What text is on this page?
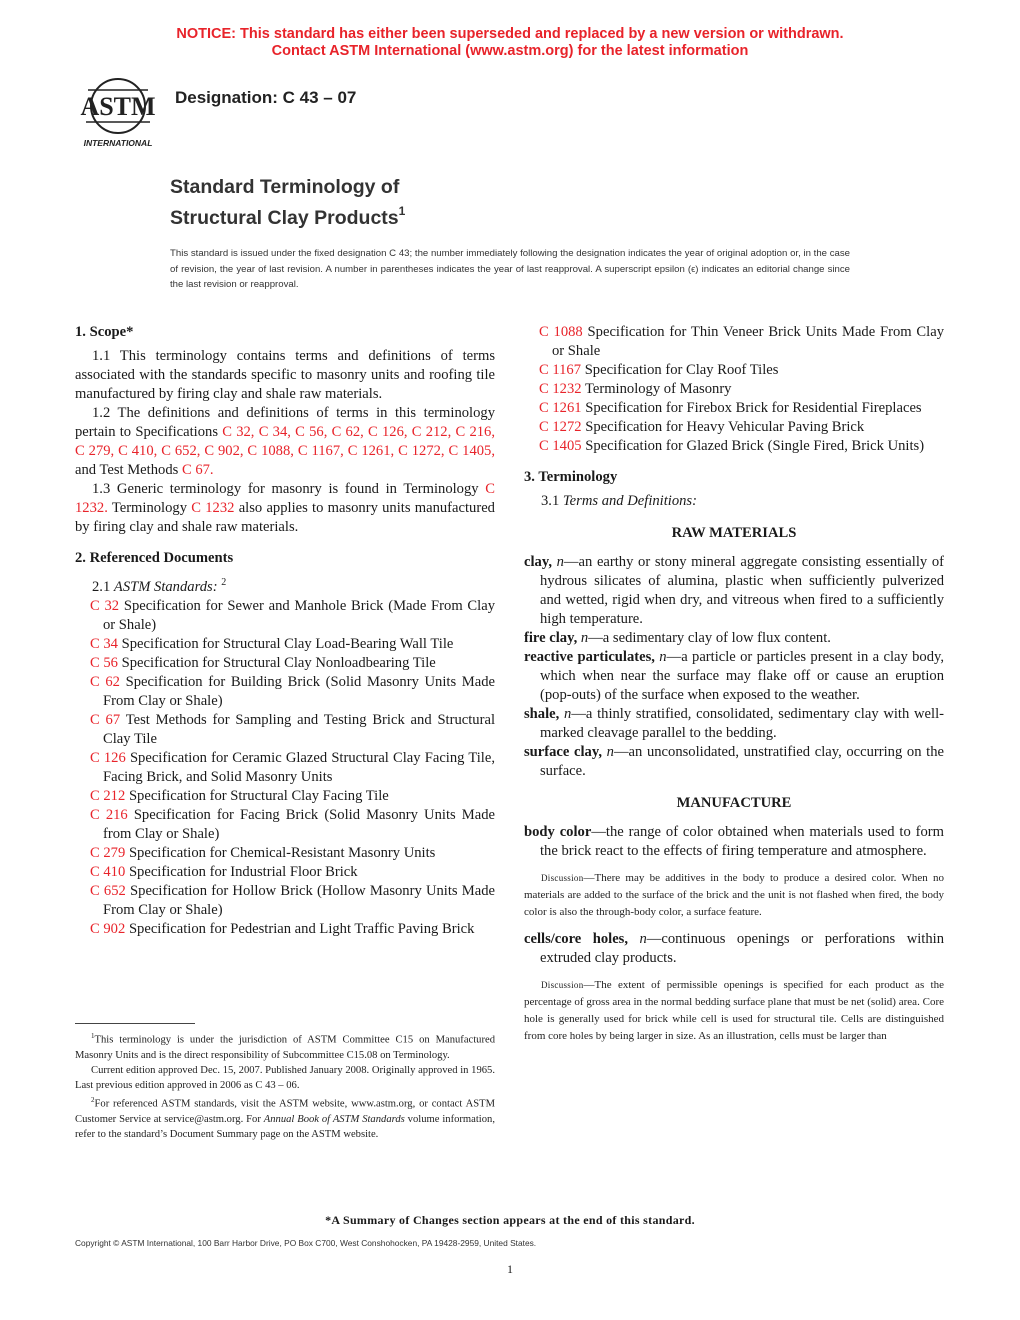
NOTICE: This standard has either been superseded and replaced by a new version or withdrawn.
Contact ASTM International (www.astm.org) for the latest information
ASTM
INTERNATIONAL
Designation: C 43 – 07
Standard Terminology of
Structural Clay Products$^1$
This standard is issued under the fixed designation C 43; the number immediately following the designation indicates the year of original adoption or, in the case of revision, the year of last revision. A number in parentheses indicates the year of last reapproval. A superscript epsilon (ϵ) indicates an editorial change since the last revision or reapproval.

1. Scope*

1.1 This terminology contains terms and definitions of terms associated with the standards specific to masonry units and roofing tile manufactured by firing clay and shale raw materials.

1.2 The definitions and definitions of terms in this terminology pertain to Specifications C 32, C 34, C 56, C 62, C 126, C 212, C 216, C 279, C 410, C 652, C 902, C 1088, C 1167, C 1261, C 1272, C 1405, and Test Methods C 67.

1.3 Generic terminology for masonry is found in Terminology C 1232. Terminology C 1232 also applies to masonry units manufactured by firing clay and shale raw materials.

2. Referenced Documents

2.1 ASTM Standards: $^2$

C 32 Specification for Sewer and Manhole Brick (Made From Clay or Shale)

C 34 Specification for Structural Clay Load-Bearing Wall Tile

C 56 Specification for Structural Clay Nonloadbearing Tile

C 62 Specification for Building Brick (Solid Masonry Units Made From Clay or Shale)

C 67 Test Methods for Sampling and Testing Brick and Structural Clay Tile

C 126 Specification for Ceramic Glazed Structural Clay Facing Tile, Facing Brick, and Solid Masonry Units

C 212 Specification for Structural Clay Facing Tile

C 216 Specification for Facing Brick (Solid Masonry Units Made from Clay or Shale)

C 279 Specification for Chemical-Resistant Masonry Units

C 410 Specification for Industrial Floor Brick

C 652 Specification for Hollow Brick (Hollow Masonry Units Made From Clay or Shale)

C 902 Specification for Pedestrian and Light Traffic Paving Brick

C 1088 Specification for Thin Veneer Brick Units Made From Clay or Shale

C 1167 Specification for Clay Roof Tiles

C 1232 Terminology of Masonry

C 1261 Specification for Firebox Brick for Residential Fireplaces

C 1272 Specification for Heavy Vehicular Paving Brick

C 1405 Specification for Glazed Brick (Single Fired, Brick Units)

3. Terminology

3.1 Terms and Definitions:

RAW MATERIALS

clay, n—an earthy or stony mineral aggregate consisting essentially of hydrous silicates of alumina, plastic when sufficiently pulverized and wetted, rigid when dry, and vitreous when fired to a sufficiently high temperature.

fire clay, n—a sedimentary clay of low flux content.

reactive particulates, n—a particle or particles present in a clay body, which when near the surface may flake off or cause an eruption (pop-outs) of the surface when exposed to the weather.

shale, n—a thinly stratified, consolidated, sedimentary clay with well-marked cleavage parallel to the bedding.

surface clay, n—an unconsolidated, unstratified clay, occurring on the surface.

MANUFACTURE

body color—the range of color obtained when materials used to form the brick react to the effects of firing temperature and atmosphere.

Discussion—There may be additives in the body to produce a desired color. When no materials are added to the surface of the brick and the unit is not flashed when fired, the body color is also the through-body color, a surface feature.

cells/core holes, n—continuous openings or perforations within extruded clay products.

Discussion—The extent of permissible openings is specified for each product as the percentage of gross area in the normal bedding surface plane that must be net (solid) area. Core hole is generally used for brick while cell is used for structural tile. Cells are distinguished from core holes by being larger in size. As an illustration, cells must be larger than

$^1$This terminology is under the jurisdiction of ASTM Committee C15 on Manufactured Masonry Units and is the direct responsibility of Subcommittee C15.08 on Terminology.

Current edition approved Dec. 15, 2007. Published January 2008. Originally approved in 1965. Last previous edition approved in 2006 as C 43 – 06.

$^2$For referenced ASTM standards, visit the ASTM website, www.astm.org, or contact ASTM Customer Service at service@astm.org. For Annual Book of ASTM Standards volume information, refer to the standard’s Document Summary page on the ASTM website.

*A Summary of Changes section appears at the end of this standard.
Copyright © ASTM International, 100 Barr Harbor Drive, PO Box C700, West Conshohocken, PA 19428-2959, United States.
1
